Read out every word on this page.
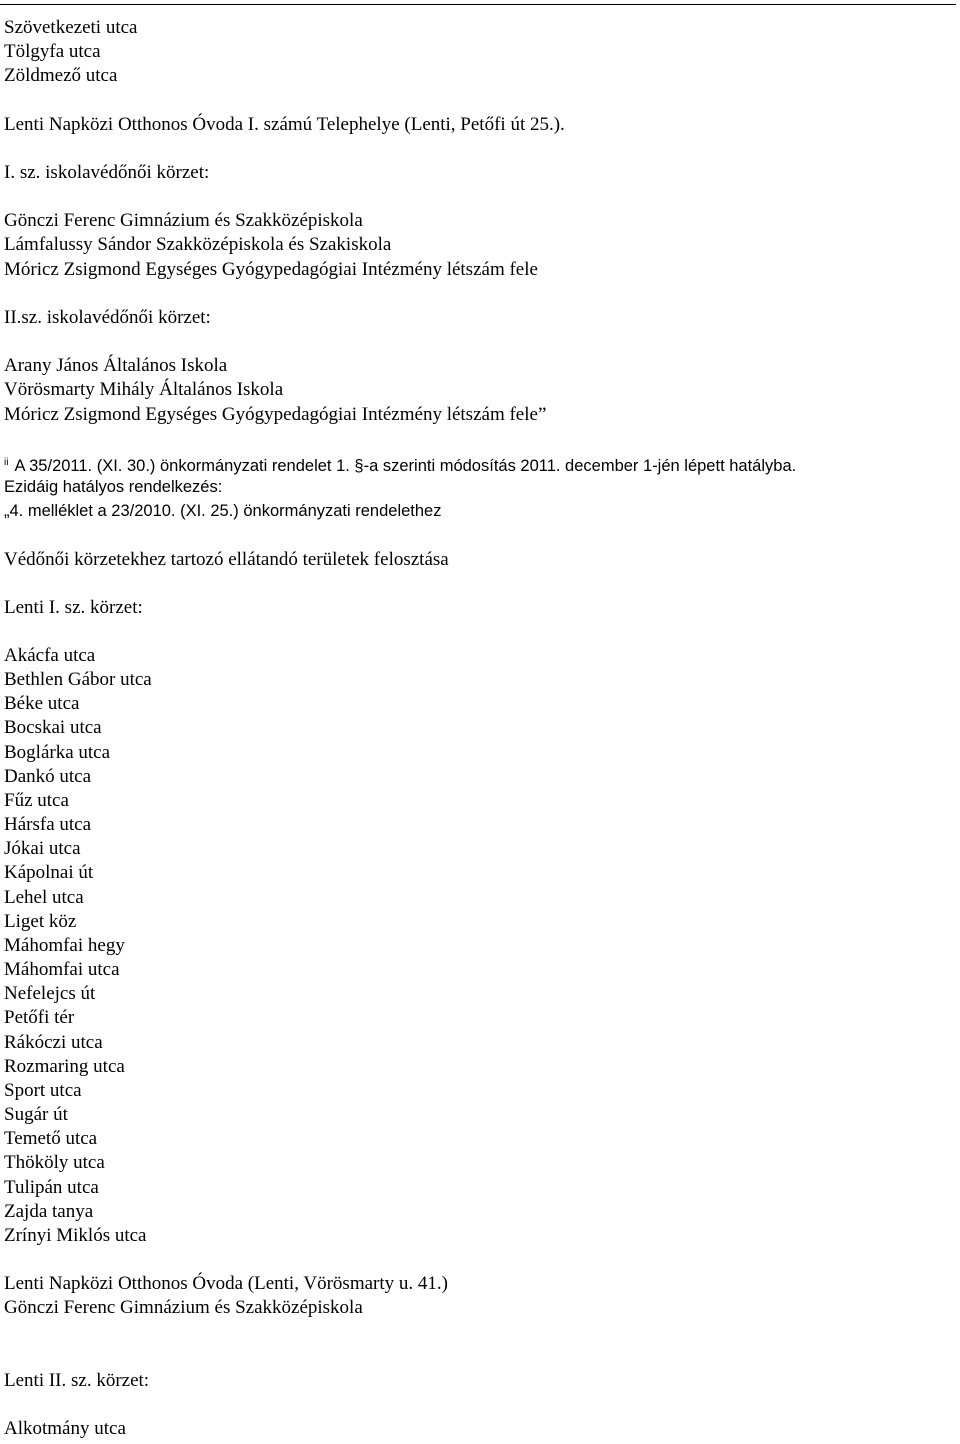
Szövetkezeti utca
Tölgyfa utca
Zöldmező utca
Lenti Napközi Otthonos Óvoda I. számú Telephelye (Lenti, Petőfi út 25.).
I. sz. iskolavédőnői körzet:
Gönczi Ferenc Gimnázium és Szakközépiskola
Lámfalussy Sándor Szakközépiskola és Szakiskola
Móricz Zsigmond Egységes Gyógypedagógiai Intézmény létszám fele
II.sz. iskolavédőnői körzet:
Arany János Általános Iskola
Vörösmarty Mihály Általános Iskola
Móricz Zsigmond Egységes Gyógypedagógiai Intézmény létszám fele”
$^{ii}$ A 35/2011. (XI. 30.) önkormányzati rendelet 1. §-a szerinti módosítás 2011. december 1-jén lépett hatályba.
Ezidáig hatályos rendelkezés:
„4. melléklet a 23/2010. (XI. 25.) önkormányzati rendelethez
Védőnői körzetekhez tartozó ellátandó területek felosztása
Lenti I. sz. körzet:
Akácfa utca
Bethlen Gábor utca
Béke utca
Bocskai utca
Boglárka utca
Dankó utca
Fűz utca
Hársfa utca
Jókai utca
Kápolnai út
Lehel utca
Liget köz
Máhomfai hegy
Máhomfai utca
Nefelejcs út
Petőfi tér
Rákóczi utca
Rozmaring utca
Sport utca
Sugár út
Temető utca
Thököly utca
Tulipán utca
Zajda tanya
Zrínyi Miklós utca
Lenti Napközi Otthonos Óvoda (Lenti, Vörösmarty u. 41.)
Gönczi Ferenc Gimnázium és Szakközépiskola
Lenti II. sz. körzet:
Alkotmány utca
